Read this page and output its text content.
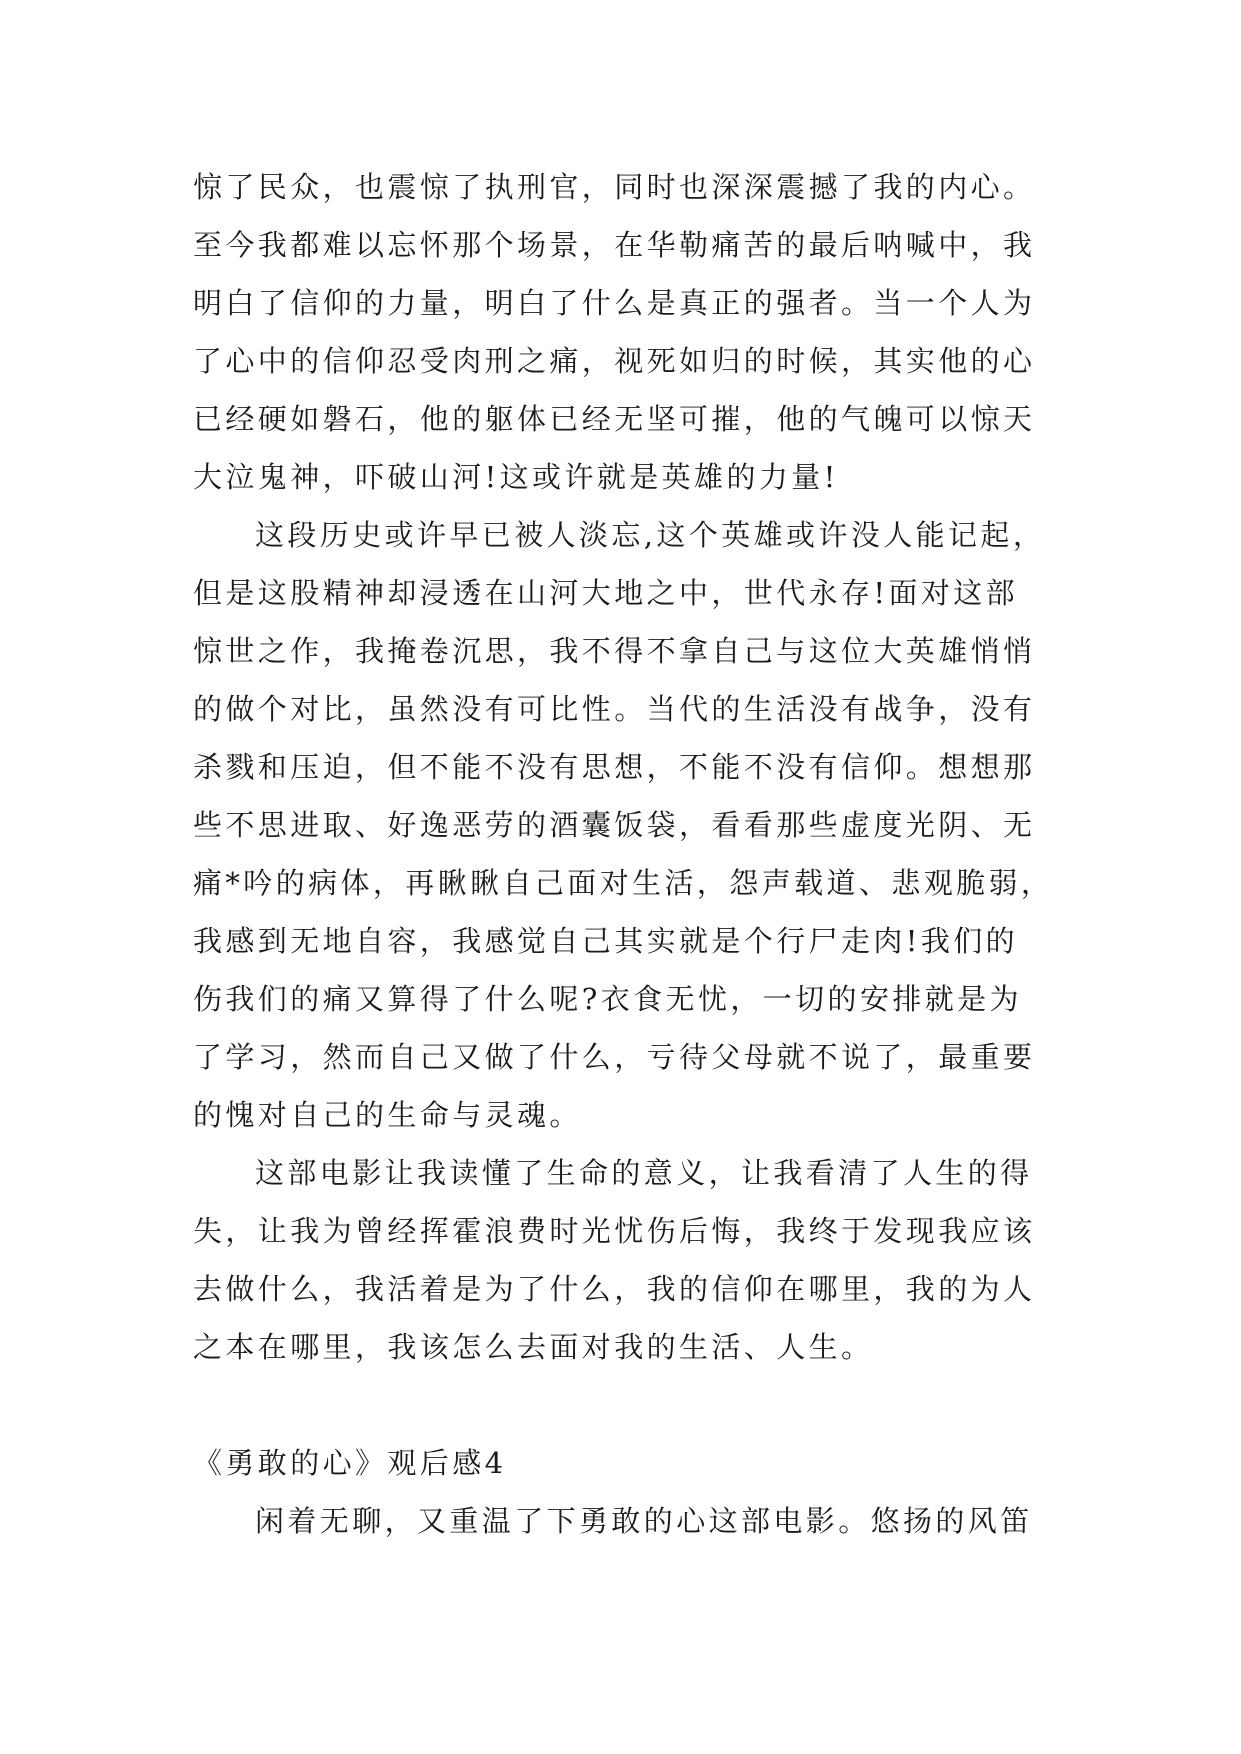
惊了民众，也震惊了执刑官，同时也深深震撼了我的内心。
至今我都难以忘怀那个场景，在华勒痛苦的最后呐喊中，我
明白了信仰的力量，明白了什么是真正的强者。当一个人为
了心中的信仰忍受肉刑之痛，视死如归的时候，其实他的心
已经硬如磐石，他的躯体已经无坚可摧，他的气魄可以惊天
大泣鬼神，吓破山河!这或许就是英雄的力量!
这段历史或许早已被人淡忘,这个英雄或许没人能记起，
但是这股精神却浸透在山河大地之中，世代永存!面对这部
惊世之作，我掩卷沉思，我不得不拿自己与这位大英雄悄悄
的做个对比，虽然没有可比性。当代的生活没有战争，没有
杀戮和压迫，但不能不没有思想，不能不没有信仰。想想那
些不思进取、好逸恶劳的酒囊饭袋，看看那些虚度光阴、无
痛*吟的病体，再瞅瞅自己面对生活，怨声载道、悲观脆弱，
我感到无地自容，我感觉自己其实就是个行尸走肉!我们的
伤我们的痛又算得了什么呢?衣食无忧，一切的安排就是为
了学习，然而自己又做了什么，亏待父母就不说了，最重要
的愧对自己的生命与灵魂。
这部电影让我读懂了生命的意义，让我看清了人生的得
失，让我为曾经挥霍浪费时光忧伤后悔，我终于发现我应该
去做什么，我活着是为了什么，我的信仰在哪里，我的为人
之本在哪里，我该怎么去面对我的生活、人生。
《勇敢的心》观后感4
闲着无聊，又重温了下勇敢的心这部电影。悠扬的风笛
